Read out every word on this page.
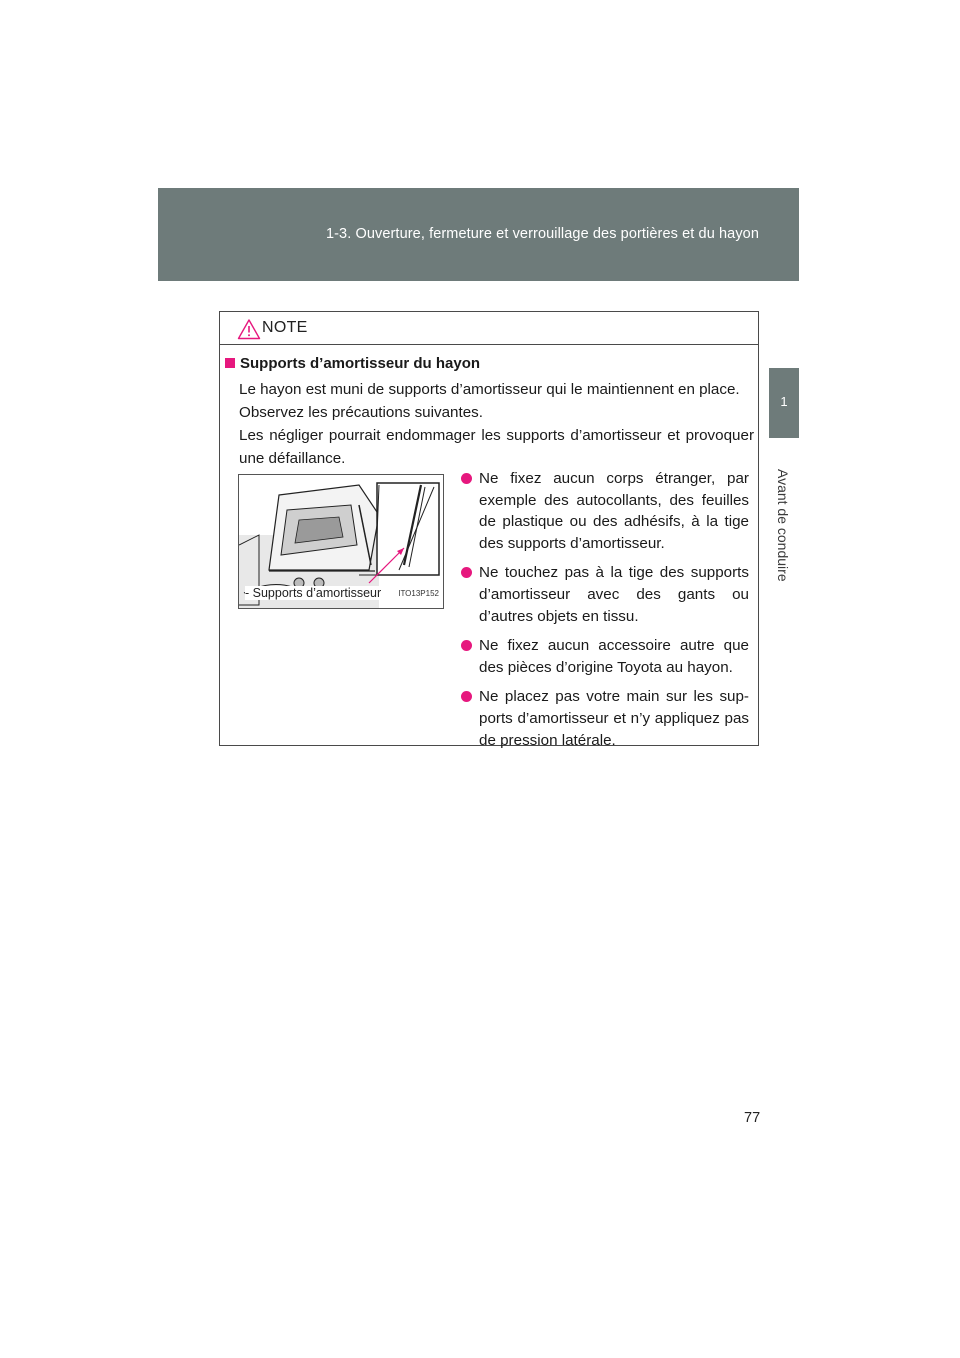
1-3. Ouverture, fermeture et verrouillage des portières et du hayon
1
Avant de conduire
NOTE
Supports d’amortisseur du hayon
Le hayon est muni de supports d’amortisseur qui le maintiennent en place.
Observez les précautions suivantes.
Les négliger pourrait endommager les supports d’amortisseur et provoquer une défaillance.
- Supports d’amortisseur ITO13P152
Ne fixez aucun corps étranger, par exemple des autocollants, des feuilles de plastique ou des adhésifs, à la tige des supports d’amortisseur.
Ne touchez pas à la tige des supports d’amortisseur avec des gants ou d’autres objets en tissu.
Ne fixez aucun accessoire autre que des pièces d’origine Toyota au hayon.
Ne placez pas votre main sur les sup-ports d’amortisseur et n’y appliquez pas de pression latérale.
77
